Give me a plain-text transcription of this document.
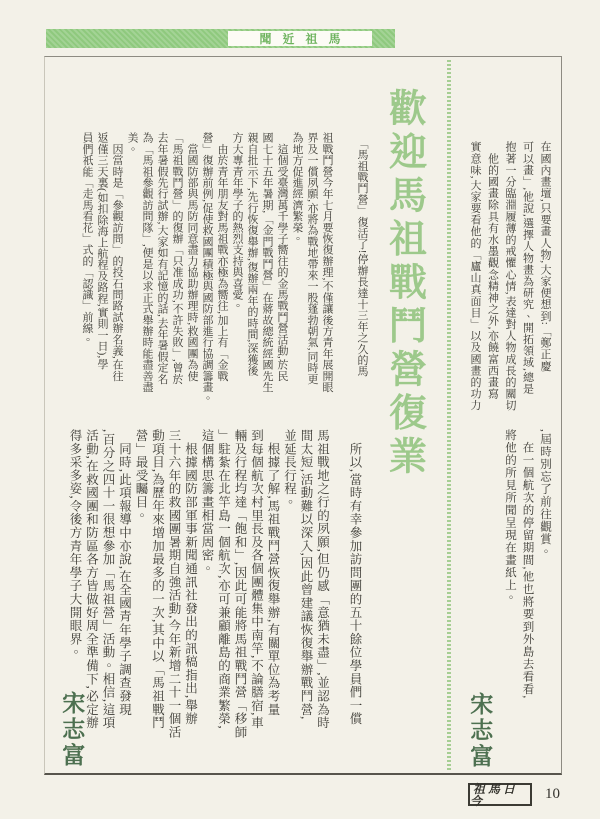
聞近祖馬

在國內畫壇,只要畫人物,大家便想到:「鄭正慶

可以畫」,他說,選擇人物畫為研究、開拓領域,總是

抱著一分臨淵履薄的戒懼心情,表達對人物成長的關切

　他的國畫除具有水墨觀念精神之外,亦饒富西畫寫

實意味,大家要看他的「廬山真面目」以及國畫的功力

,屆時別忘了前往觀賞。

　在一個航次的停留期間,他也將要到外島去看看,

將他的所見所聞呈現在畫紙上。

宋志富
歡迎馬祖戰鬥營復業

　「馬祖戰鬥營」復活了!停辦長達十三年之久的馬

祖戰鬥營今年七月要恢復辦理,不僅讓後方青年展開眼

界及一償夙願,亦將為戰地帶來一股蓬勃朝氣,同時更

為地方促進經濟繁榮。

　這個受臺灣萬千學子嚮往的金馬戰鬥營活動,於民

國七十五年暑期,「金門戰鬥營」在蔣故總統經國先生

親自批示下,先行恢復舉辦,復辦兩年的時間,深獲後

方大專青年學子的熱烈支持與喜愛。

　由於青年朋友對馬祖戰亦極為嚮往,加上有「金戰

營」復辦前例,促使救國團積極與國防部進行協調籌畫。

　當國防部與馬防同意盡力協助辦理時,救國團為使

「馬祖戰鬥營」的復辦「只准成功,不許失敗」,曾於

去年暑假先行試辦,大家如有記憶的話,去年暑假定名

為「馬祖參觀訪問隊」,便是以求正式舉辦時能盡善盡

美。

　因當時是「參觀訪問」的投石問路試辦名義,在往

返僅三天裏(如扣除海上航程及路程,實則一日),學

員們祇能「走馬看花」式的「認識」前線。

　所以,當時有幸參加訪問團的五十餘位學員們一償

馬祖戰地之行的夙願,但仍感「意猶未盡」,並認為時

間太短,活動難以深入,因此曾建議恢復舉辦戰鬥營,

並延長行程。

　根據了解,馬祖戰鬥營恢復舉辦,有關單位為考量

到每個航次村里長及各個團體集中南竿,不論膳宿,車

輛及行程均達「飽和」,因此可能將馬祖戰鬥營「移師

」駐紮在北竿島一個航次,亦可兼顧離島的商業繁榮,

這個構思籌畫相當周密。

　根據國防部軍事新聞通訊社發出的訊稿指出,舉辦

三十六年的救國團暑期自強活動,今年新增二十一個活

動項目,為歷年來增加最多的一次,其中以「馬祖戰鬥

營」最受矚目。

　同時,此項報導中亦說,在全國青年學子調查發現

,百分之四十一很想參加「馬祖營」活動。相信,這項

活動,在救國團和防區各方皆做好周全準備下,必定辦

得多采多姿,令後方青年學子大開眼界。

宋志富
祖馬日今	10
